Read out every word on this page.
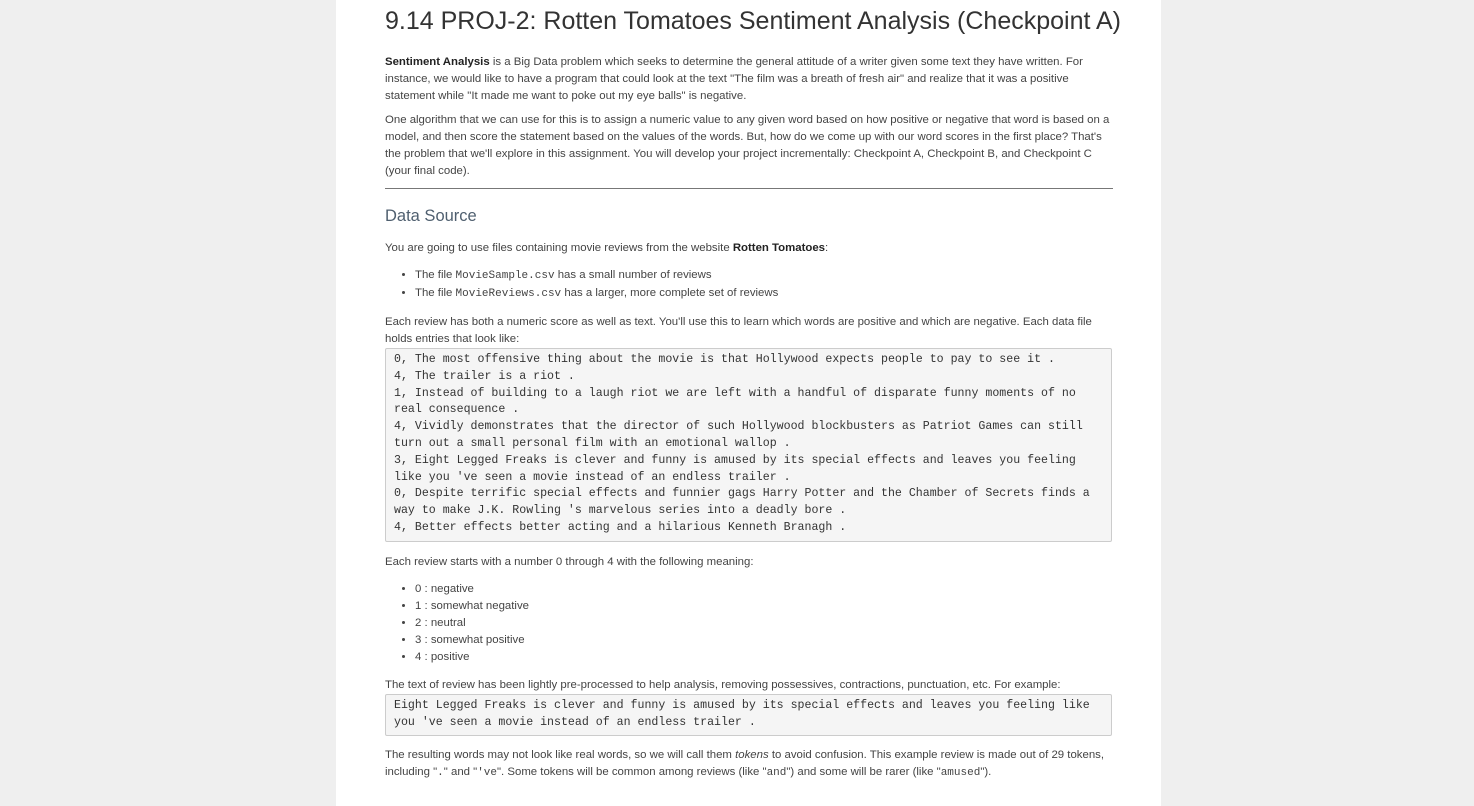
9.14 PROJ-2: Rotten Tomatoes Sentiment Analysis (Checkpoint A)

Sentiment Analysis is a Big Data problem which seeks to determine the general attitude of a writer given some text they have written. For instance, we would like to have a program that could look at the text "The film was a breath of fresh air" and realize that it was a positive statement while "It made me want to poke out my eye balls" is negative.

One algorithm that we can use for this is to assign a numeric value to any given word based on how positive or negative that word is based on a model, and then score the statement based on the values of the words. But, how do we come up with our word scores in the first place? That's the problem that we'll explore in this assignment. You will develop your project incrementally: Checkpoint A, Checkpoint B, and Checkpoint C (your final code).

Data Source

You are going to use files containing movie reviews from the website Rotten Tomatoes:

• The file MovieSample.csv has a small number of reviews
• The file MovieReviews.csv has a larger, more complete set of reviews

Each review has both a numeric score as well as text. You'll use this to learn which words are positive and which are negative. Each data file holds entries that look like:

0, The most offensive thing about the movie is that Hollywood expects people to pay to see it .
4, The trailer is a riot .
1, Instead of building to a laugh riot we are left with a handful of disparate funny moments of no real consequence .
4, Vividly demonstrates that the director of such Hollywood blockbusters as Patriot Games can still turn out a small personal film with an emotional wallop .
3, Eight Legged Freaks is clever and funny is amused by its special effects and leaves you feeling like you 've seen a movie instead of an endless trailer .
0, Despite terrific special effects and funnier gags Harry Potter and the Chamber of Secrets finds a way to make J.K. Rowling 's marvelous series into a deadly bore .
4, Better effects better acting and a hilarious Kenneth Branagh .

Each review starts with a number 0 through 4 with the following meaning:

• 0 : negative
• 1 : somewhat negative
• 2 : neutral
• 3 : somewhat positive
• 4 : positive

The text of review has been lightly pre-processed to help analysis, removing possessives, contractions, punctuation, etc. For example:

Eight Legged Freaks is clever and funny is amused by its special effects and leaves you feeling like you 've seen a movie instead of an endless trailer .

The resulting words may not look like real words, so we will call them tokens to avoid confusion. This example review is made out of 29 tokens, including "." and "'ve". Some tokens will be common among reviews (like "and") and some will be rarer (like "amused").
